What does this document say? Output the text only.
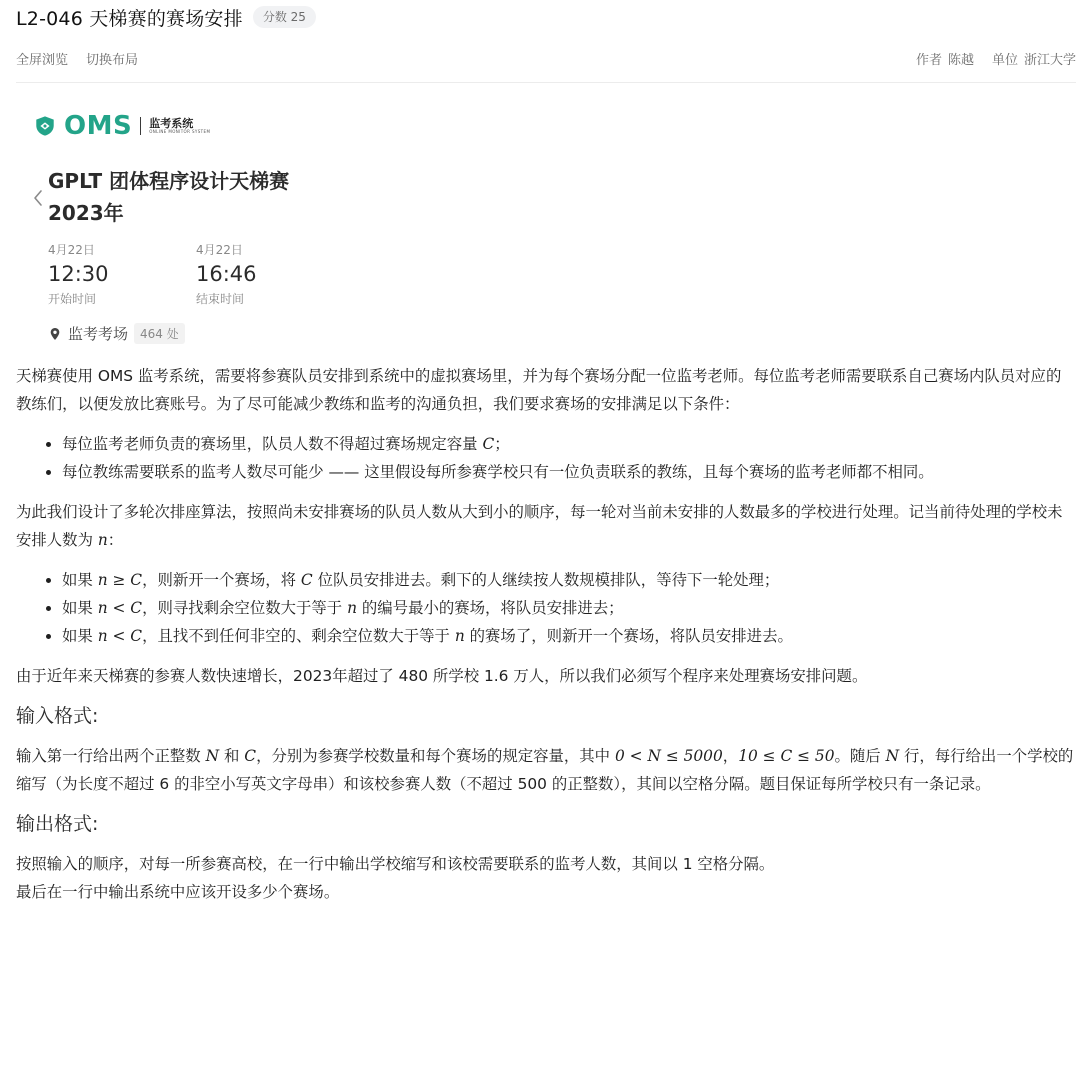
L2-046 天梯赛的赛场安排	分数 25
全屏浏览 切换布局	作者 陈越 单位 浙江大学
OMS 监考系统
ONLINE MONITOR SYSTEM
GPLT 团体程序设计天梯赛 2023年
4月22日
12:30
开始时间
4月22日
16:46
结束时间
监考考场	464 处

天梯赛使用 OMS 监考系统，需要将参赛队员安排到系统中的虚拟赛场里，并为每个赛场分配一位监考老师。每位监考老师需要联系自己赛场内队员对应的教练们，以便发放比赛账号。为了尽可能减少教练和监考的沟通负担，我们要求赛场的安排满足以下条件：

• 每位监考老师负责的赛场里，队员人数不得超过赛场规定容量 C；
• 每位教练需要联系的监考人数尽可能少 —— 这里假设每所参赛学校只有一位负责联系的教练，且每个赛场的监考老师都不相同。

为此我们设计了多轮次排座算法，按照尚未安排赛场的队员人数从大到小的顺序，每一轮对当前未安排的人数最多的学校进行处理。记当前待处理的学校未安排人数为 n：

• 如果 n ≥ C，则新开一个赛场，将 C 位队员安排进去。剩下的人继续按人数规模排队，等待下一轮处理；
• 如果 n < C，则寻找剩余空位数大于等于 n 的编号最小的赛场，将队员安排进去；
• 如果 n < C，且找不到任何非空的、剩余空位数大于等于 n 的赛场了，则新开一个赛场，将队员安排进去。

由于近年来天梯赛的参赛人数快速增长，2023年超过了 480 所学校 1.6 万人，所以我们必须写个程序来处理赛场安排问题。

输入格式:

输入第一行给出两个正整数 N 和 C，分别为参赛学校数量和每个赛场的规定容量，其中 0 < N ≤ 5000，10 ≤ C ≤ 50。随后 N 行，每行给出一个学校的缩写（为长度不超过 6 的非空小写英文字母串）和该校参赛人数（不超过 500 的正整数），其间以空格分隔。题目保证每所学校只有一条记录。

输出格式:

按照输入的顺序，对每一所参赛高校，在一行中输出学校缩写和该校需要联系的监考人数，其间以 1 空格分隔。
最后在一行中输出系统中应该开设多少个赛场。
